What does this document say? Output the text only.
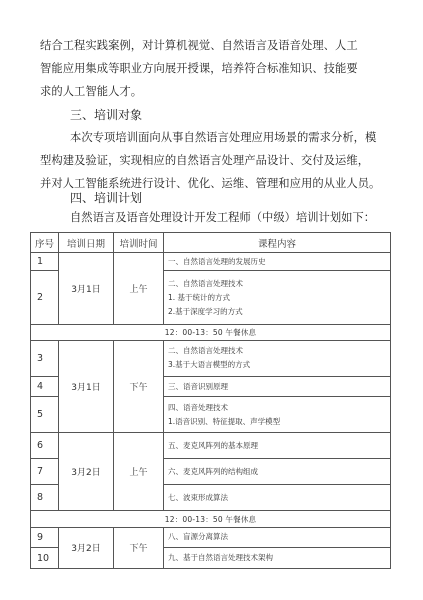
结合工程实践案例，对计算机视觉、自然语言及语音处理、人工
智能应用集成等职业方向展开授课，培养符合标准知识、技能要
求的人工智能人才。
三、培训对象
本次专项培训面向从事自然语言处理应用场景的需求分析，模
型构建及验证，实现相应的自然语言处理产品设计、交付及运维，
并对人工智能系统进行设计、优化、运维、管理和应用的从业人员。
四、培训计划
自然语言及语音处理设计开发工程师（中级）培训计划如下：
序号	培训日期	培训时间	课程内容
1	3月1日	上午	一、自然语言处理的发展历史

2			二、自然语言处理技术
1. 基于统计的方式
2.基于深度学习的方式

12：00-13：50 午餐休息			
3	3月1日	下午	二、自然语言处理技术
3.基于大语言模型的方式

4			三、语音识别原理

5			四、语音处理技术
1.语音识别、特征提取、声学模型

6	3月2日	上午	五、麦克风阵列的基本原理

7			六、麦克风阵列的结构组成

8			七、波束形成算法

12：00-13：50 午餐休息			
9	3月2日	下午	八、盲源分离算法

10			九、基于自然语言处理技术架构
